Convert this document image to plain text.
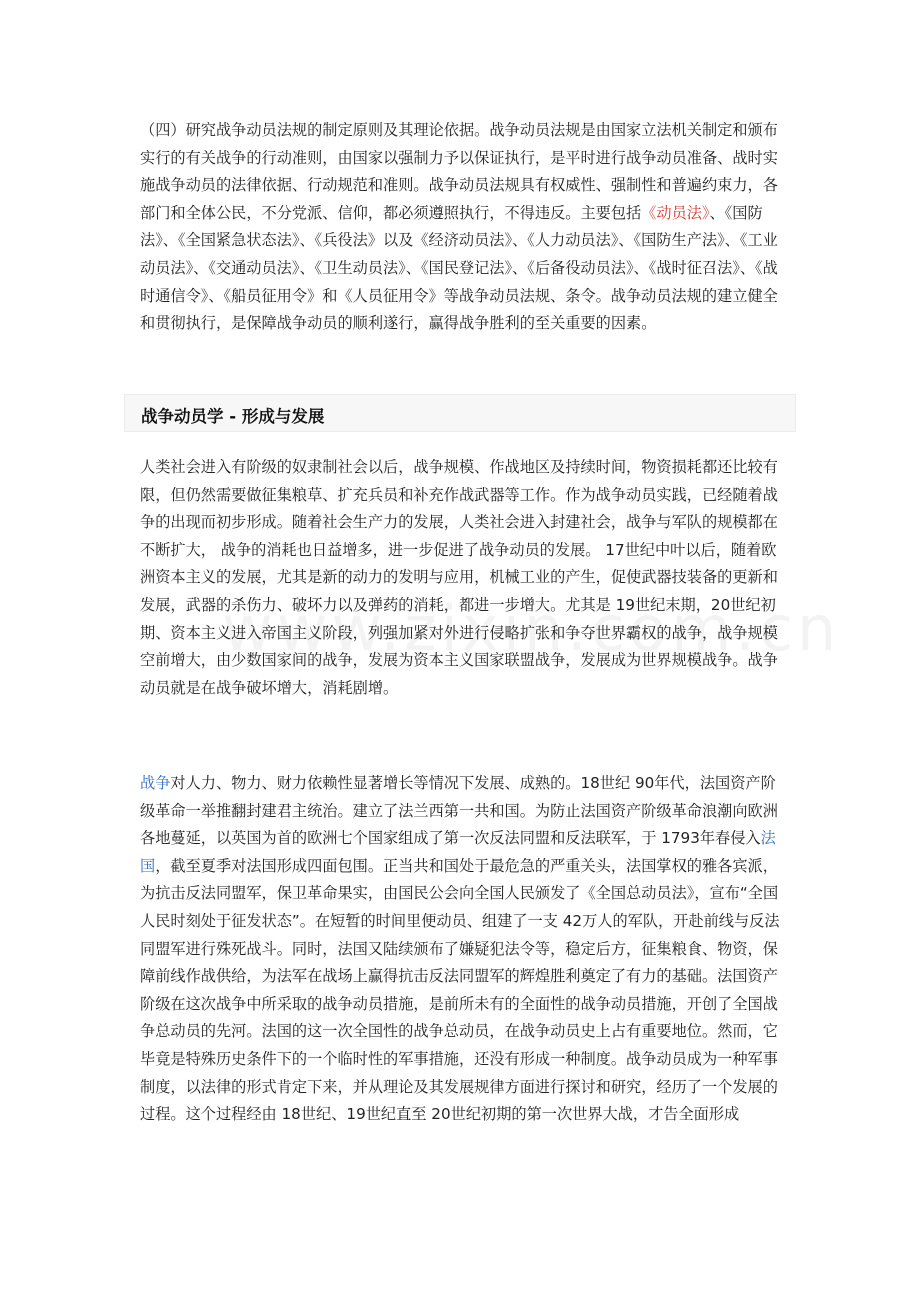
（四）研究战争动员法规的制定原则及其理论依据。战争动员法规是由国家立法机关制定和颁布实行的有关战争的行动准则，由国家以强制力予以保证执行，是平时进行战争动员准备、战时实施战争动员的法律依据、行动规范和准则。战争动员法规具有权威性、强制性和普遍约束力，各部门和全体公民，不分党派、信仰，都必须遵照执行，不得违反。主要包括《动员法》、《国防法》、《全国紧急状态法》、《兵役法》以及《经济动员法》、《人力动员法》、《国防生产法》、《工业动员法》、《交通动员法》、《卫生动员法》、《国民登记法》、《后备役动员法》、《战时征召法》、《战时通信令》、《船员征用令》和《人员征用令》等战争动员法规、条令。战争动员法规的建立健全和贯彻执行，是保障战争动员的顺利遂行，赢得战争胜利的至关重要的因素。

战争动员学 - 形成与发展

人类社会进入有阶级的奴隶制社会以后，战争规模、作战地区及持续时间，物资损耗都还比较有限，但仍然需要做征集粮草、扩充兵员和补充作战武器等工作。作为战争动员实践，已经随着战争的出现而初步形成。随着社会生产力的发展，人类社会进入封建社会，战争与军队的规模都在不断扩大， 战争的消耗也日益增多，进一步促进了战争动员的发展。 17世纪中叶以后，随着欧洲资本主义的发展，尤其是新的动力的发明与应用，机械工业的产生，促使武器技装备的更新和发展，武器的杀伤力、破坏力以及弹药的消耗，都进一步增大。尤其是 19世纪末期，20世纪初期、资本主义进入帝国主义阶段，列强加紧对外进行侵略扩张和争夺世界霸权的战争，战争规模空前增大，由少数国家间的战争，发展为资本主义国家联盟战争，发展成为世界规模战争。战争动员就是在战争破坏增大，消耗剧增。

战争对人力、物力、财力依赖性显著增长等情况下发展、成熟的。18世纪 90年代，法国资产阶级革命一举推翻封建君主统治。建立了法兰西第一共和国。为防止法国资产阶级革命浪潮向欧洲各地蔓延，以英国为首的欧洲七个国家组成了第一次反法同盟和反法联军，于 1793年春侵入法国，截至夏季对法国形成四面包围。正当共和国处于最危急的严重关头，法国掌权的雅各宾派，为抗击反法同盟军，保卫革命果实，由国民公会向全国人民颁发了《全国总动员法》，宣布“全国人民时刻处于征发状态”。在短暂的时间里便动员、组建了一支 42万人的军队，开赴前线与反法同盟军进行殊死战斗。同时，法国又陆续颁布了嫌疑犯法令等，稳定后方，征集粮食、物资，保障前线作战供给，为法军在战场上赢得抗击反法同盟军的辉煌胜利奠定了有力的基础。法国资产阶级在这次战争中所采取的战争动员措施，是前所未有的全面性的战争动员措施，开创了全国战争总动员的先河。法国的这一次全国性的战争总动员，在战争动员史上占有重要地位。然而，它毕竟是特殊历史条件下的一个临时性的军事措施，还没有形成一种制度。战争动员成为一种军事制度，以法律的形式肯定下来，并从理论及其发展规律方面进行探讨和研究，经历了一个发展的过程。这个过程经由 18世纪、19世纪直至 20世纪初期的第一次世界大战，才告全面形成
